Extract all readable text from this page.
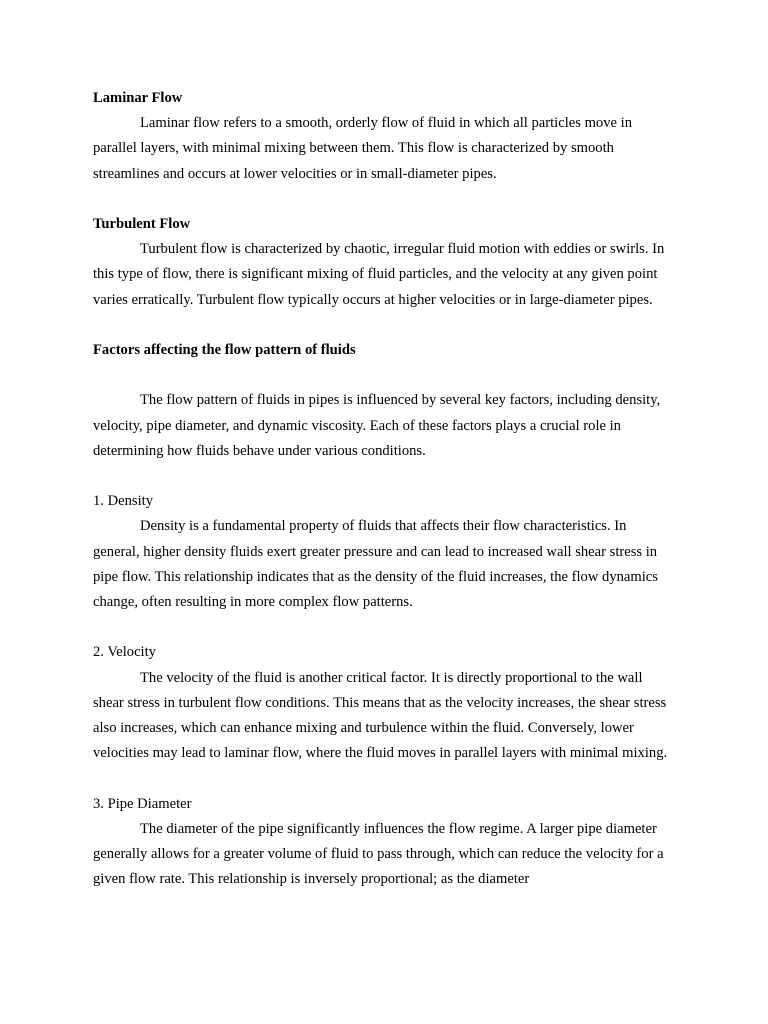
Laminar Flow

Laminar flow refers to a smooth, orderly flow of fluid in which all particles move in parallel layers, with minimal mixing between them. This flow is characterized by smooth streamlines and occurs at lower velocities or in small-diameter pipes.

Turbulent Flow

Turbulent flow is characterized by chaotic, irregular fluid motion with eddies or swirls. In this type of flow, there is significant mixing of fluid particles, and the velocity at any given point varies erratically. Turbulent flow typically occurs at higher velocities or in large-diameter pipes.

Factors affecting the flow pattern of fluids

The flow pattern of fluids in pipes is influenced by several key factors, including density, velocity, pipe diameter, and dynamic viscosity. Each of these factors plays a crucial role in determining how fluids behave under various conditions.

1. Density

Density is a fundamental property of fluids that affects their flow characteristics. In general, higher density fluids exert greater pressure and can lead to increased wall shear stress in pipe flow. This relationship indicates that as the density of the fluid increases, the flow dynamics change, often resulting in more complex flow patterns.

2. Velocity

The velocity of the fluid is another critical factor. It is directly proportional to the wall shear stress in turbulent flow conditions. This means that as the velocity increases, the shear stress also increases, which can enhance mixing and turbulence within the fluid. Conversely, lower velocities may lead to laminar flow, where the fluid moves in parallel layers with minimal mixing.

3. Pipe Diameter

The diameter of the pipe significantly influences the flow regime. A larger pipe diameter generally allows for a greater volume of fluid to pass through, which can reduce the velocity for a given flow rate. This relationship is inversely proportional; as the diameter
